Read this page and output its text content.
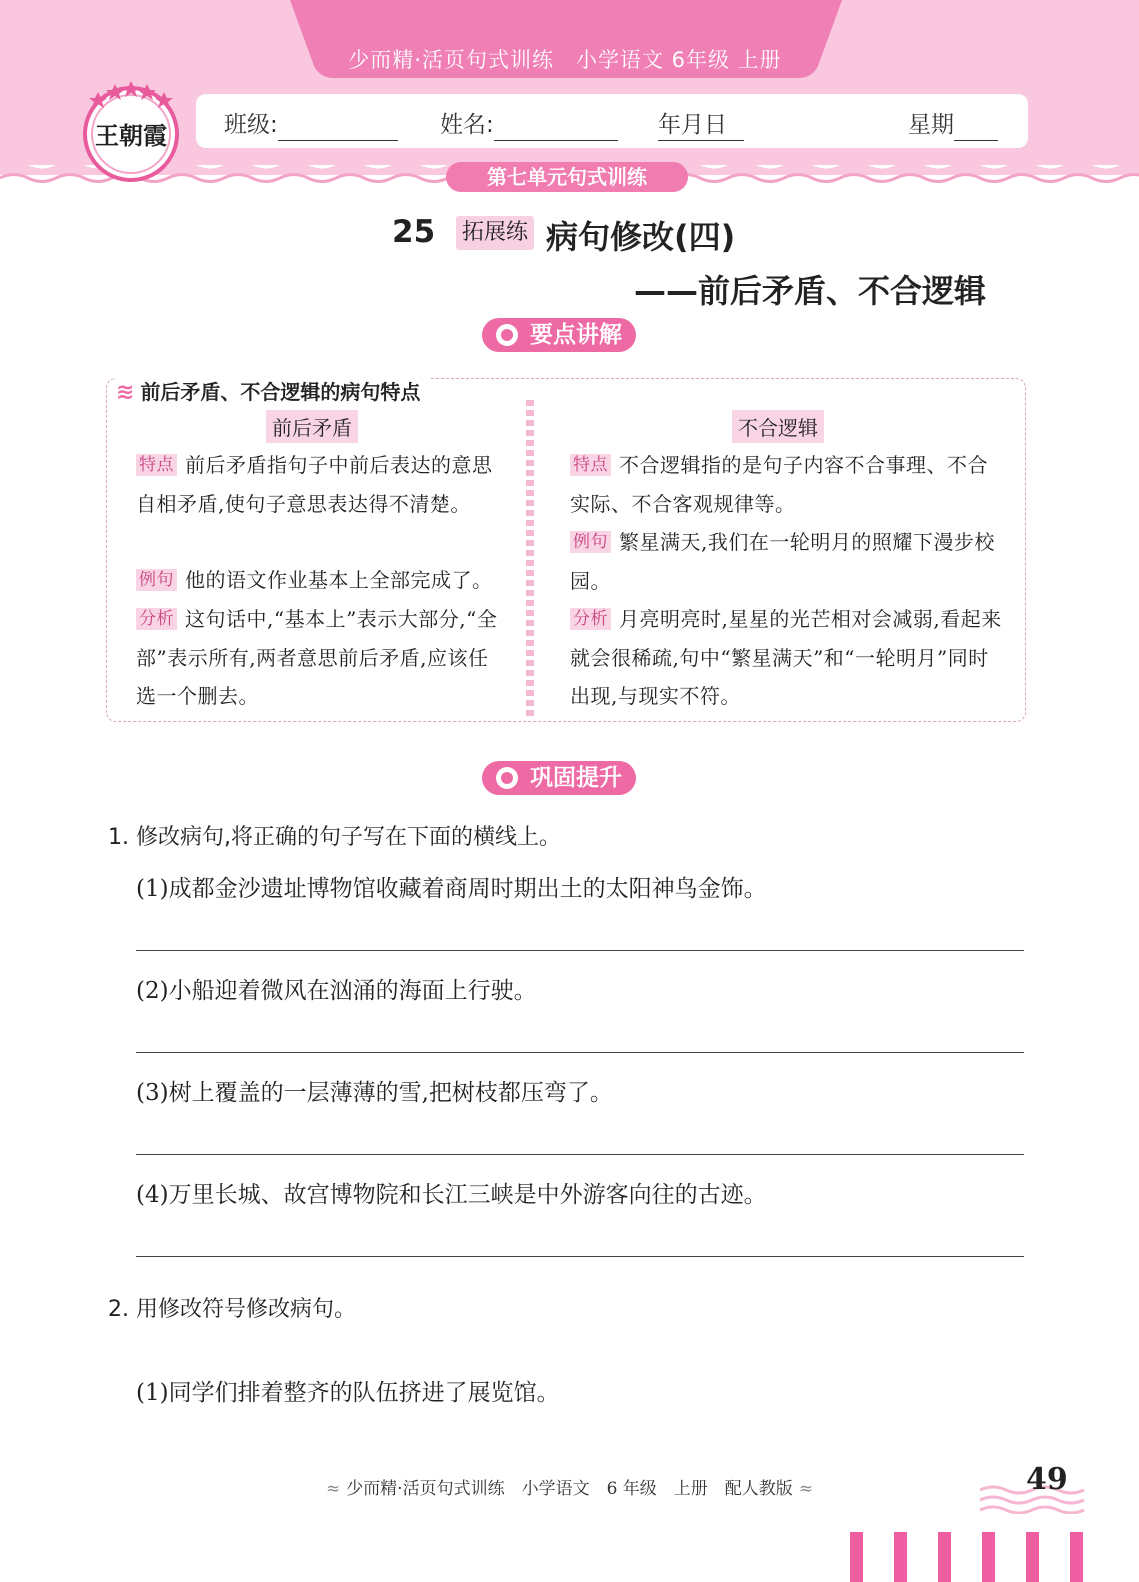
少而精·活页句式训练　小学语文 6年级 上册
王朝霞	班级:	姓名:	年
月
日	星期
第七单元句式训练
25 拓展练 病句修改(四)
——前后矛盾、不合逻辑
要点讲解
≋ 前后矛盾、不合逻辑的病句特点
前后矛盾	不合逻辑
特点 前后矛盾指句子中前后表达的意思自相矛盾,使句子意思表达得不清楚。
例句 他的语文作业基本上全部完成了。
分析 这句话中,“基本上”表示大部分,“全部”表示所有,两者意思前后矛盾,应该任选一个删去。
特点 不合逻辑指的是句子内容不合事理、不合实际、不合客观规律等。
例句 繁星满天,我们在一轮明月的照耀下漫步校园。
分析 月亮明亮时,星星的光芒相对会减弱,看起来就会很稀疏,句中“繁星满天”和“一轮明月”同时出现,与现实不符。
巩固提升
1. 修改病句,将正确的句子写在下面的横线上。
(1)成都金沙遗址博物馆收藏着商周时期出土的太阳神鸟金饰。
(2)小船迎着微风在汹涌的海面上行驶。
(3)树上覆盖的一层薄薄的雪,把树枝都压弯了。
(4)万里长城、故宫博物院和长江三峡是中外游客向往的古迹。
2. 用修改符号修改病句。
(1)同学们排着整齐的队伍挤进了展览馆。
≈ 少而精·活页句式训练　小学语文　6 年级　上册　配人教版 ≈	49
